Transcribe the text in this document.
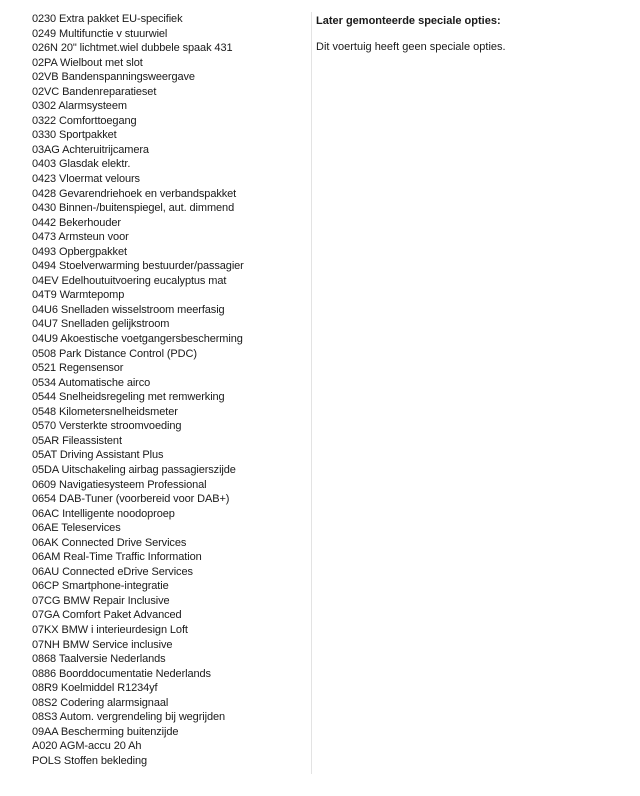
0230 Extra pakket EU-specifiek
0249 Multifunctie v stuurwiel
026N 20" lichtmet.wiel dubbele spaak 431
02PA Wielbout met slot
02VB Bandenspanningsweergave
02VC Bandenreparatieset
0302 Alarmsysteem
0322 Comforttoegang
0330 Sportpakket
03AG Achteruitrijcamera
0403 Glasdak elektr.
0423 Vloermat velours
0428 Gevarendriehoek en verbandspakket
0430 Binnen-/buitenspiegel, aut. dimmend
0442 Bekerhouder
0473 Armsteun voor
0493 Opbergpakket
0494 Stoelverwarming bestuurder/passagier
04EV Edelhoutuitvoering eucalyptus mat
04T9 Warmtepomp
04U6 Snelladen wisselstroom meerfasig
04U7 Snelladen gelijkstroom
04U9 Akoestische voetgangersbescherming
0508 Park Distance Control (PDC)
0521 Regensensor
0534 Automatische airco
0544 Snelheidsregeling met remwerking
0548 Kilometersnelheidsmeter
0570 Versterkte stroomvoeding
05AR Fileassistent
05AT Driving Assistant Plus
05DA Uitschakeling airbag passagierszijde
0609 Navigatiesysteem Professional
0654 DAB-Tuner (voorbereid voor DAB+)
06AC Intelligente noodoproep
06AE Teleservices
06AK Connected Drive Services
06AM Real-Time Traffic Information
06AU Connected eDrive Services
06CP Smartphone-integratie
07CG BMW Repair Inclusive
07GA Comfort Paket Advanced
07KX BMW i interieurdesign Loft
07NH BMW Service inclusive
0868 Taalversie Nederlands
0886 Boorddocumentatie Nederlands
08R9 Koelmiddel R1234yf
08S2 Codering alarmsignaal
08S3 Autom. vergrendeling bij wegrijden
09AA Bescherming buitenzijde
A020 AGM-accu 20 Ah
POLS Stoffen bekleding

Later gemonteerde speciale opties:

Dit voertuig heeft geen speciale opties.
